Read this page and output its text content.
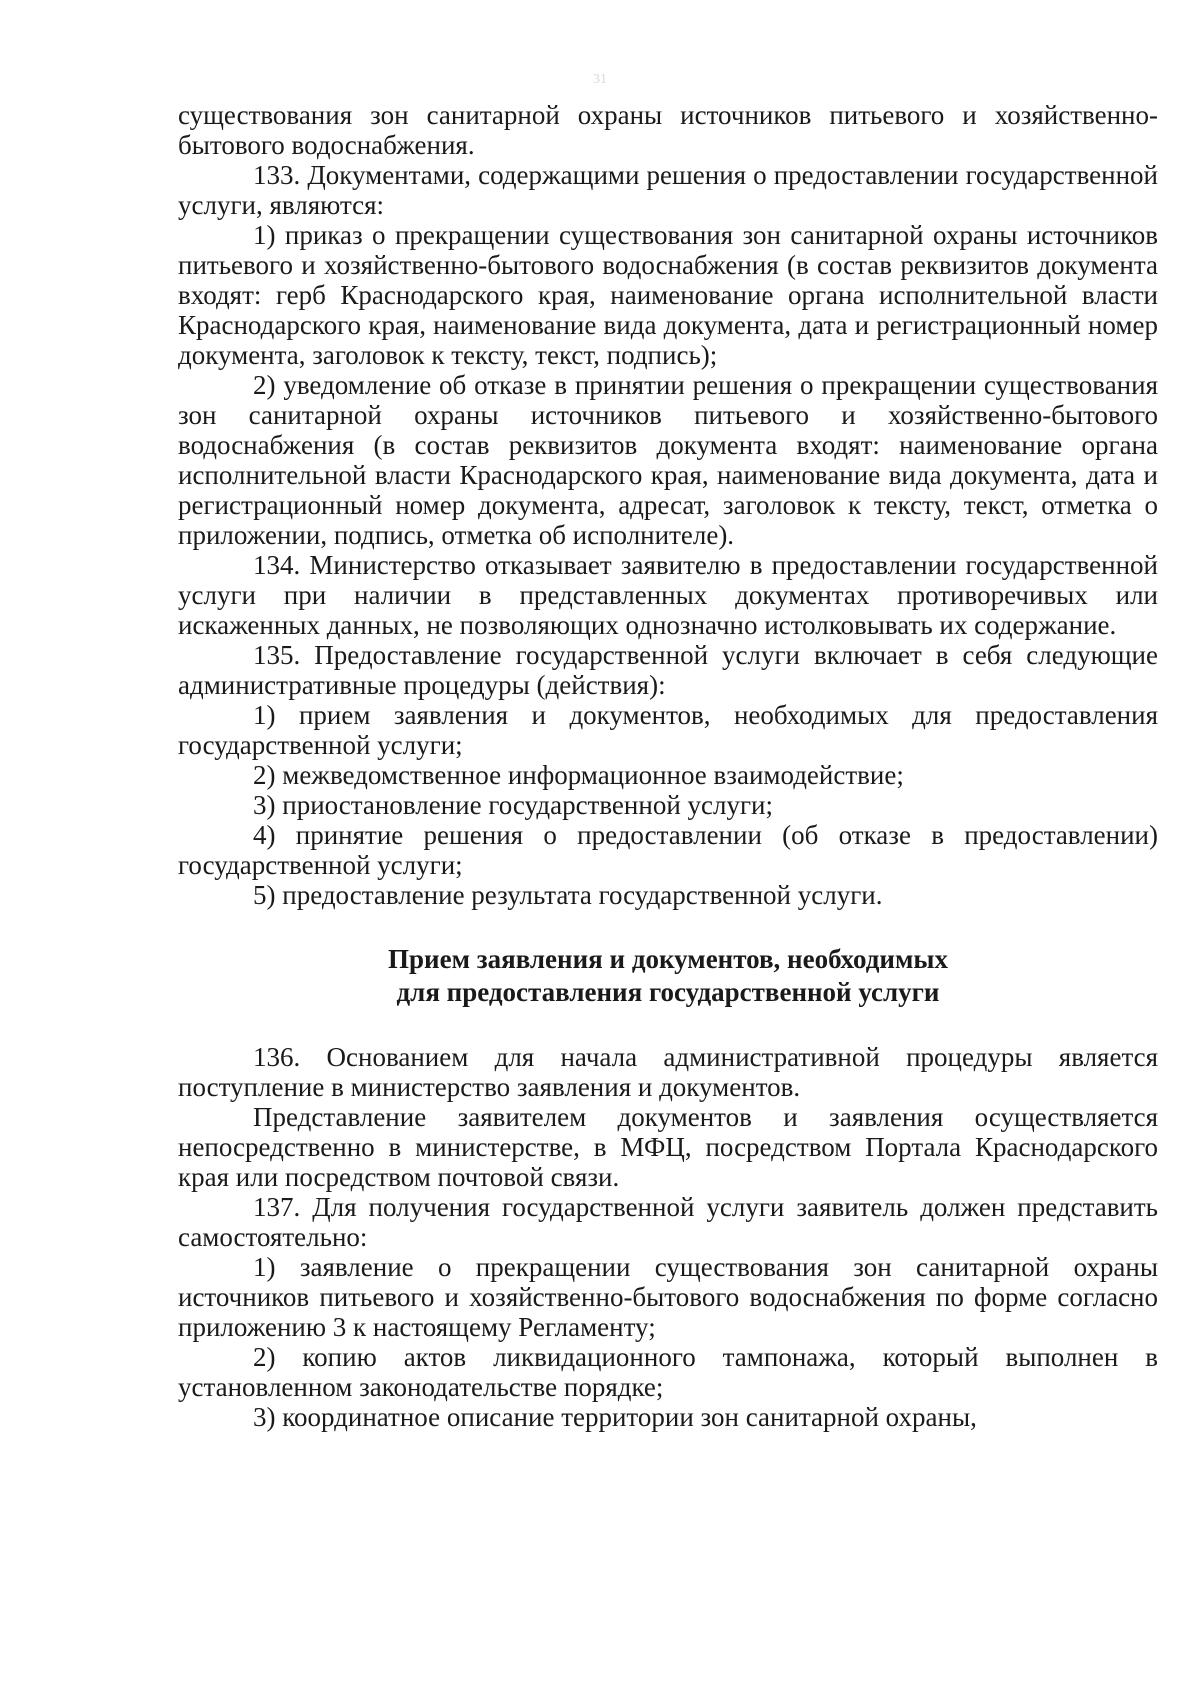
31

существования зон санитарной охраны источников питьевого и хозяйственно-бытового водоснабжения.

133. Документами, содержащими решения о предоставлении государственной услуги, являются:

1) приказ о прекращении существования зон санитарной охраны источников питьевого и хозяйственно-бытового водоснабжения (в состав реквизитов документа входят: герб Краснодарского края, наименование органа исполнительной власти Краснодарского края, наименование вида документа, дата и регистрационный номер документа, заголовок к тексту, текст, подпись);

2) уведомление об отказе в принятии решения о прекращении существования зон санитарной охраны источников питьевого и хозяйственно-бытового водоснабжения (в состав реквизитов документа входят: наименование органа исполнительной власти Краснодарского края, наименование вида документа, дата и регистрационный номер документа, адресат, заголовок к тексту, текст, отметка о приложении, подпись, отметка об исполнителе).

134. Министерство отказывает заявителю в предоставлении государственной услуги при наличии в представленных документах противоречивых или искаженных данных, не позволяющих однозначно истолковывать их содержание.

135. Предоставление государственной услуги включает в себя следующие административные процедуры (действия):

1) прием заявления и документов, необходимых для предоставления государственной услуги;

2) межведомственное информационное взаимодействие;

3) приостановление государственной услуги;

4) принятие решения о предоставлении (об отказе в предоставлении) государственной услуги;

5) предоставление результата государственной услуги.

Прием заявления и документов, необходимых
для предоставления государственной услуги

136. Основанием для начала административной процедуры является поступление в министерство заявления и документов.

Представление заявителем документов и заявления осуществляется непосредственно в министерстве, в МФЦ, посредством Портала Краснодарского края или посредством почтовой связи.

137. Для получения государственной услуги заявитель должен представить самостоятельно:

1) заявление о прекращении существования зон санитарной охраны источников питьевого и хозяйственно-бытового водоснабжения по форме согласно приложению 3 к настоящему Регламенту;

2) копию актов ликвидационного тампонажа, который выполнен в установленном законодательстве порядке;

3) координатное описание территории зон санитарной охраны,
